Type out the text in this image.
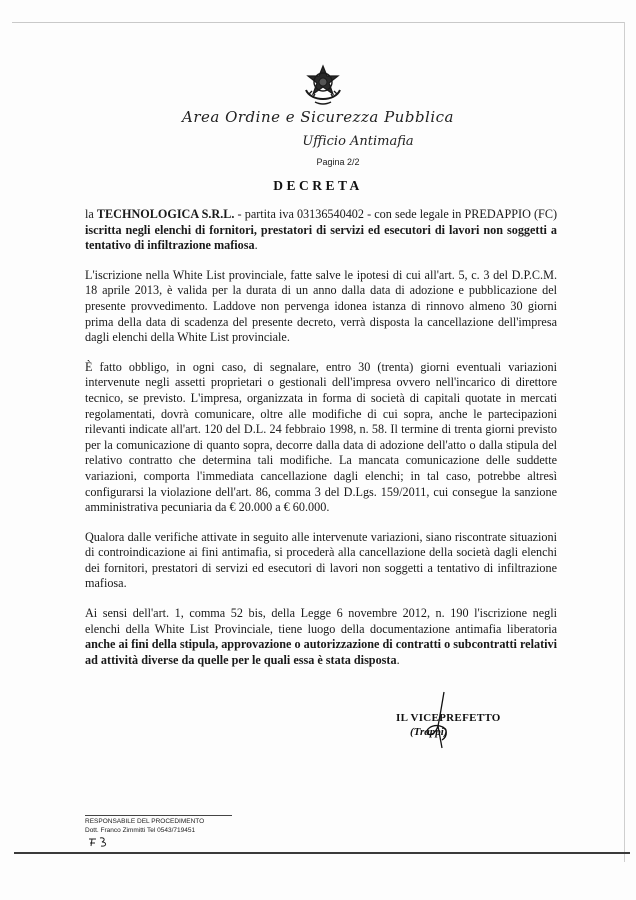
Area Ordine e Sicurezza Pubblica
Ufficio Antimafia
Pagina 2/2
DECRETA

la TECHNOLOGICA S.R.L. - partita iva 03136540402 - con sede legale in PREDAPPIO (FC) iscritta negli elenchi di fornitori, prestatori di servizi ed esecutori di lavori non soggetti a tentativo di infiltrazione mafiosa.

L'iscrizione nella White List provinciale, fatte salve le ipotesi di cui all'art. 5, c. 3 del D.P.C.M. 18 aprile 2013, è valida per la durata di un anno dalla data di adozione e pubblicazione del presente provvedimento. Laddove non pervenga idonea istanza di rinnovo almeno 30 giorni prima della data di scadenza del presente decreto, verrà disposta la cancellazione dell'impresa dagli elenchi della White List provinciale.

È fatto obbligo, in ogni caso, di segnalare, entro 30 (trenta) giorni eventuali variazioni intervenute negli assetti proprietari o gestionali dell'impresa ovvero nell'incarico di direttore tecnico, se previsto. L'impresa, organizzata in forma di società di capitali quotate in mercati regolamentati, dovrà comunicare, oltre alle modifiche di cui sopra, anche le partecipazioni rilevanti indicate all'art. 120 del D.L. 24 febbraio 1998, n. 58. Il termine di trenta giorni previsto per la comunicazione di quanto sopra, decorre dalla data di adozione dell'atto o dalla stipula del relativo contratto che determina tali modifiche. La mancata comunicazione delle suddette variazioni, comporta l'immediata cancellazione dagli elenchi; in tal caso, potrebbe altresì configurarsi la violazione dell'art. 86, comma 3 del D.Lgs. 159/2011, cui consegue la sanzione amministrativa pecuniaria da € 20.000 a € 60.000.

Qualora dalle verifiche attivate in seguito alle intervenute variazioni, siano riscontrate situazioni di controindicazione ai fini antimafia, si procederà alla cancellazione della società dagli elenchi dei fornitori, prestatori di servizi ed esecutori di lavori non soggetti a tentativo di infiltrazione mafiosa.

Ai sensi dell'art. 1, comma 52 bis, della Legge 6 novembre 2012, n. 190 l'iscrizione negli elenchi della White List Provinciale, tiene luogo della documentazione antimafia liberatoria anche ai fini della stipula, approvazione o autorizzazione di contratti o subcontratti relativi ad attività diverse da quelle per le quali essa è stata disposta.

IL VICEPREFETTO
(Trappi)
RESPONSABILE DEL PROCEDIMENTO
Dott. Franco Zimmitti Tel 0543/719451
